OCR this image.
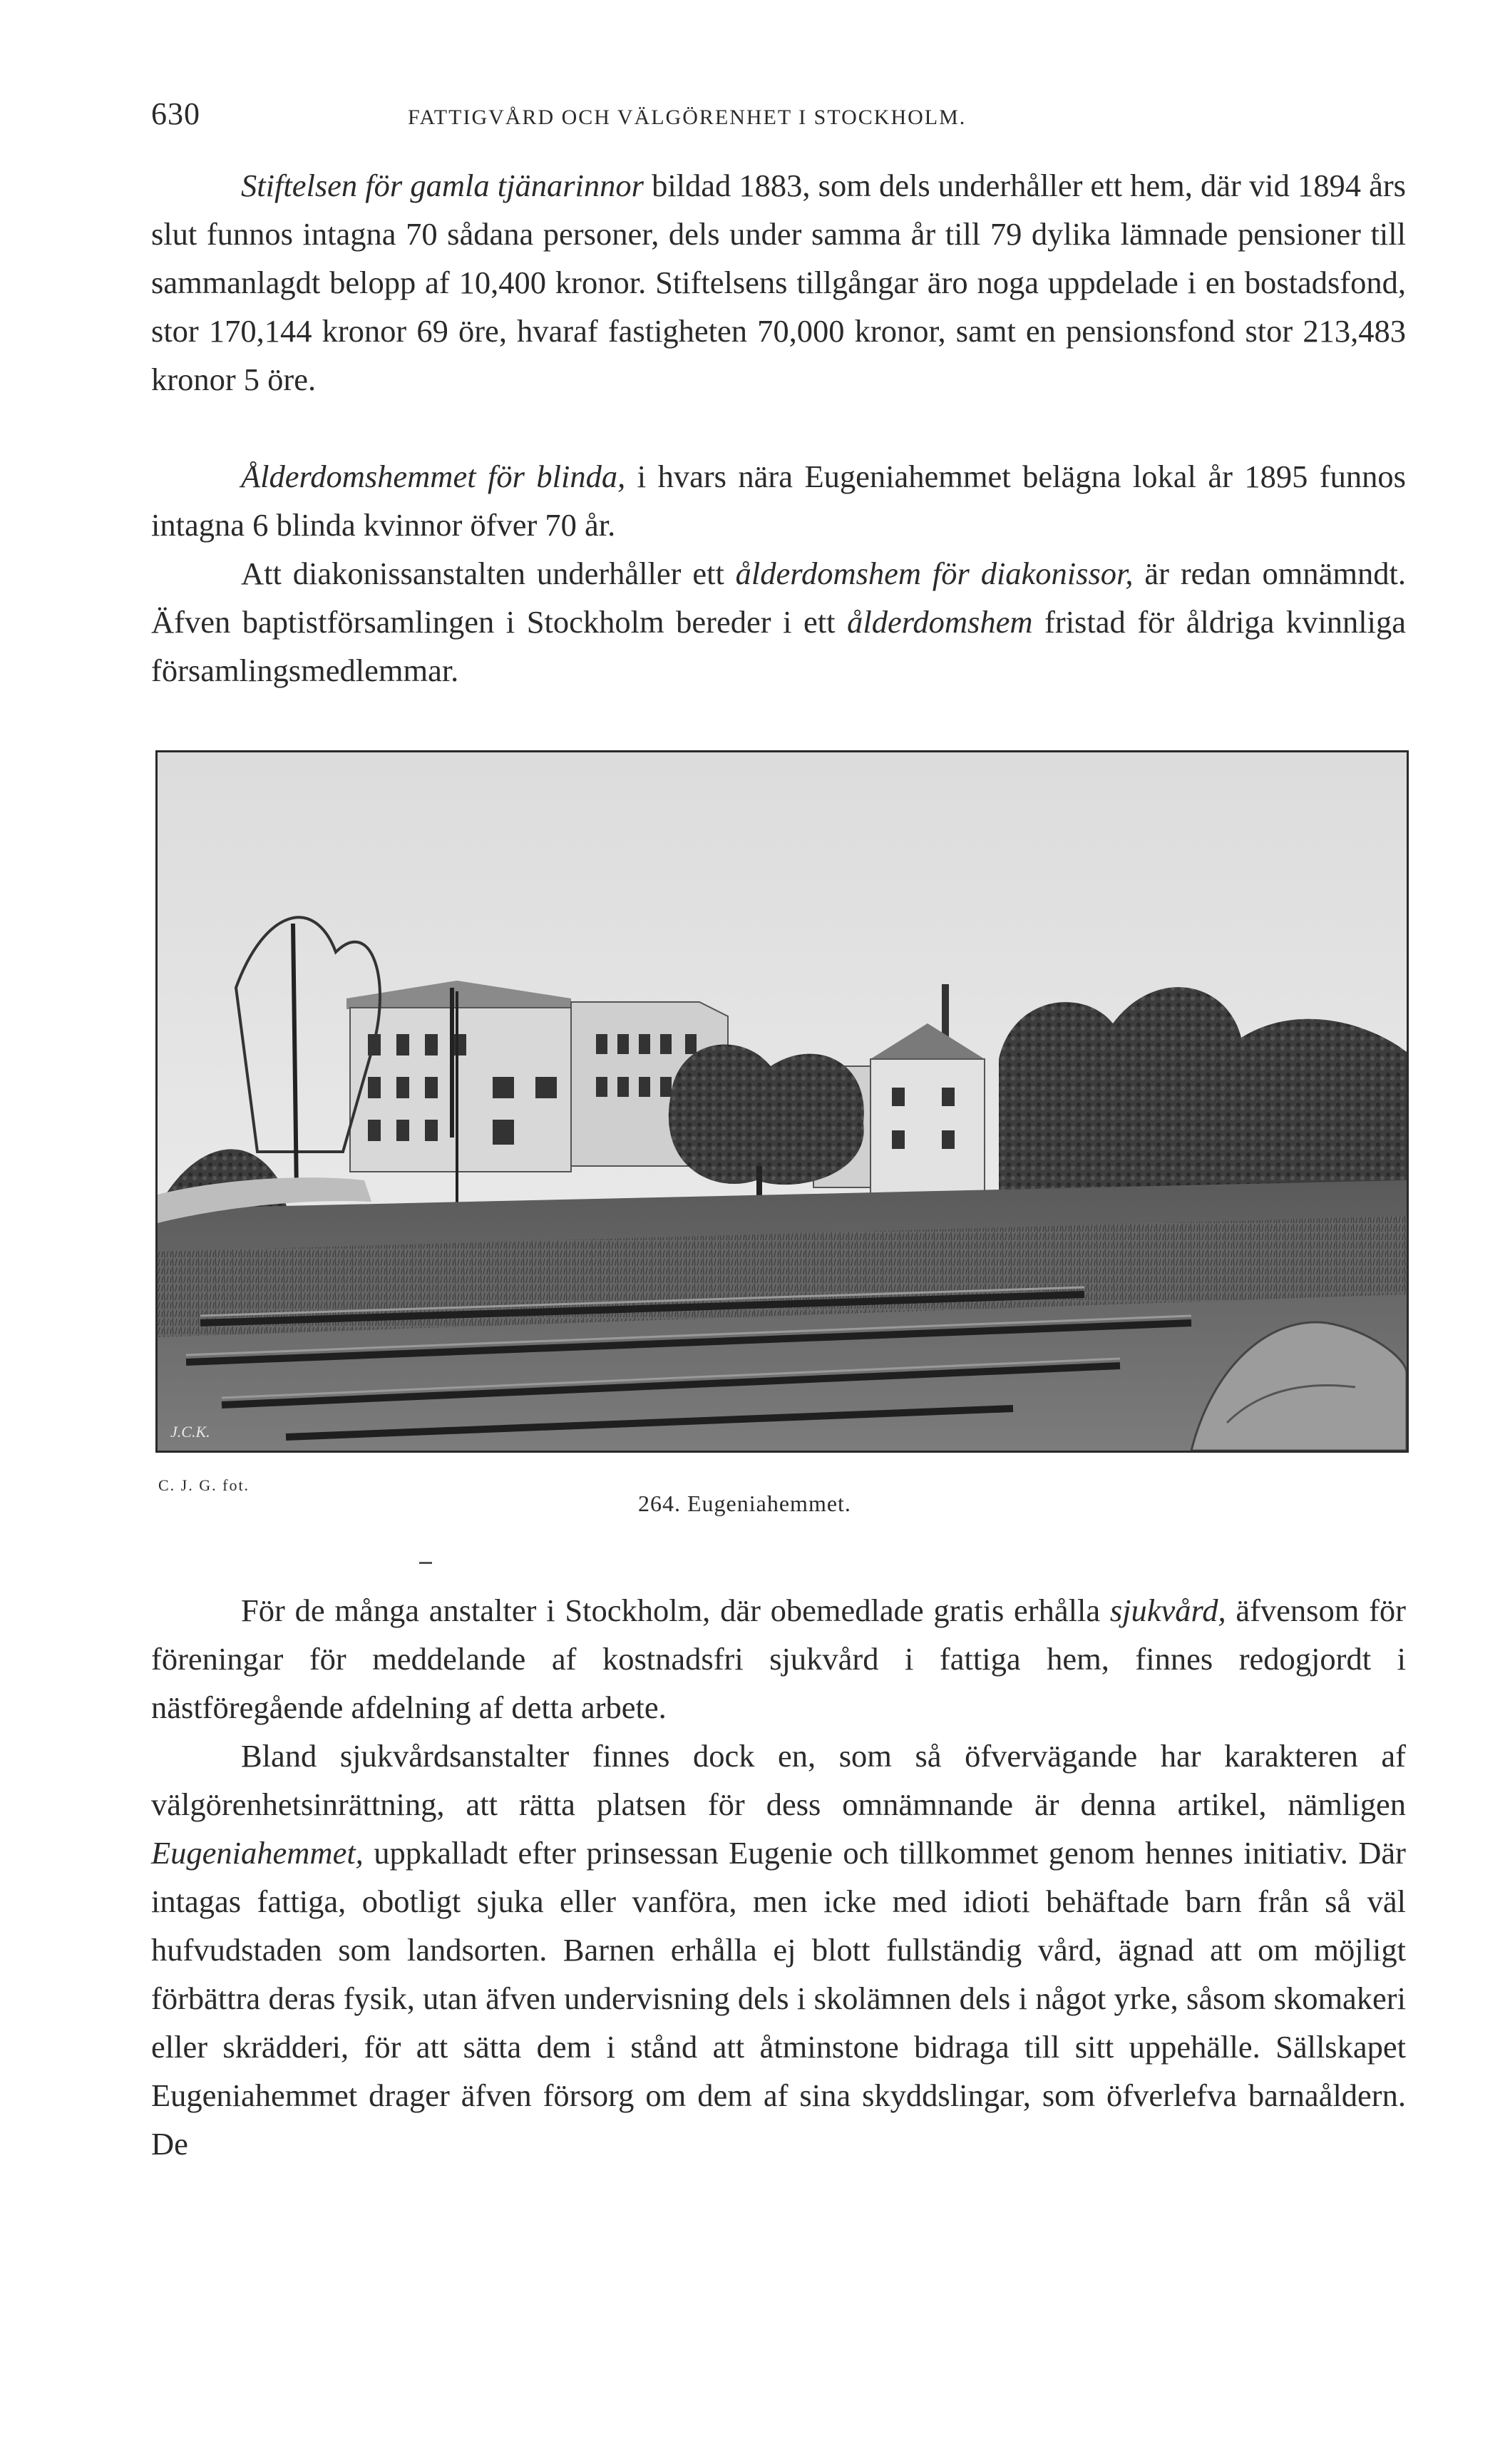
630	FATTIGVÅRD OCH VÄLGÖRENHET I STOCKHOLM.

Stiftelsen för gamla tjänarinnor bildad 1883, som dels underhåller ett hem, där vid 1894 års slut funnos intagna 70 sådana personer, dels under samma år till 79 dylika lämnade pensioner till sammanlagdt belopp af 10,400 kronor. Stiftelsens tillgångar äro noga uppdelade i en bostadsfond, stor 170,144 kronor 69 öre, hvaraf fastigheten 70,000 kronor, samt en pensionsfond stor 213,483 kronor 5 öre.

Ålderdomshemmet för blinda, i hvars nära Eugeniahemmet belägna lokal år 1895 funnos intagna 6 blinda kvinnor öfver 70 år.

Att diakonissanstalten underhåller ett ålderdomshem för diakonissor, är redan omnämndt. Äfven baptistförsamlingen i Stockholm bereder i ett ålderdomshem fristad för åldriga kvinnliga församlingsmedlemmar.

J.C.K.
C. J. G. fot.
264. Eugeniahemmet.

För de många anstalter i Stockholm, där obemedlade gratis erhålla sjukvård, äfvensom för föreningar för meddelande af kostnadsfri sjukvård i fattiga hem, finnes redogjordt i nästföregående afdelning af detta arbete.

Bland sjukvårdsanstalter finnes dock en, som så öfvervägande har karakteren af välgörenhetsinrättning, att rätta platsen för dess omnämnande är denna artikel, nämligen Eugeniahemmet, uppkalladt efter prinsessan Eugenie och tillkommet genom hennes initiativ. Där intagas fattiga, obotligt sjuka eller vanföra, men icke med idioti behäftade barn från så väl hufvudstaden som landsorten. Barnen erhålla ej blott fullständig vård, ägnad att om möjligt förbättra deras fysik, utan äfven undervisning dels i skolämnen dels i något yrke, såsom skomakeri eller skrädderi, för att sätta dem i stånd att åtminstone bidraga till sitt uppehälle. Sällskapet Eugeniahemmet drager äfven försorg om dem af sina skyddslingar, som öfverlefva barnaåldern. De
